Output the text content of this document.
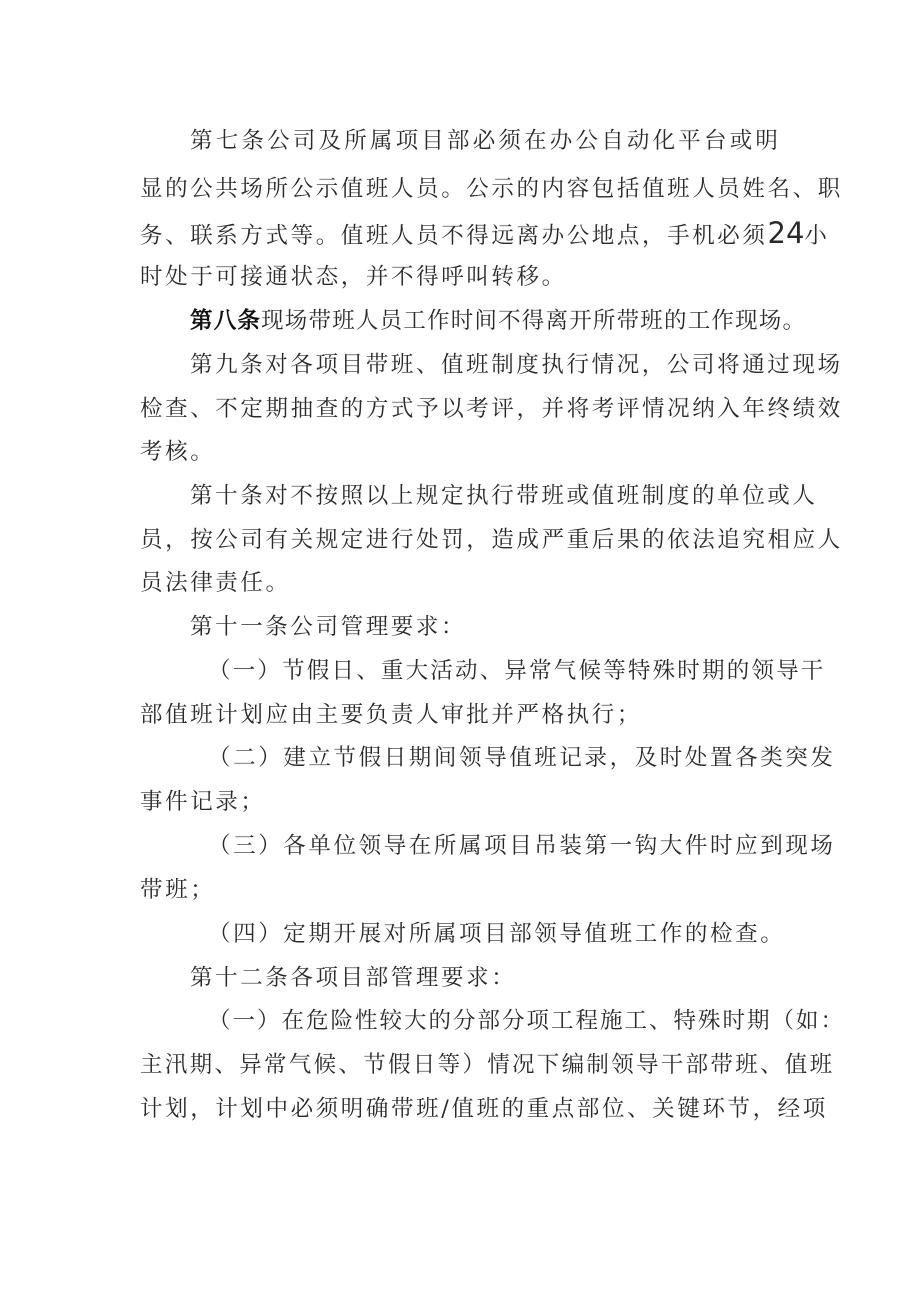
第七条公司及所属项目部必须在办公自动化平台或明
显的公共场所公示值班人员。公示的内容包括值班人员姓名、职
务、联系方式等。值班人员不得远离办公地点，手机必须24小
时处于可接通状态，并不得呼叫转移。
第八条现场带班人员工作时间不得离开所带班的工作现场。
第九条对各项目带班、值班制度执行情况，公司将通过现场
检查、不定期抽查的方式予以考评，并将考评情况纳入年终绩效
考核。
第十条对不按照以上规定执行带班或值班制度的单位或人
员，按公司有关规定进行处罚，造成严重后果的依法追究相应人
员法律责任。
第十一条公司管理要求：
（一）节假日、重大活动、异常气候等特殊时期的领导干
部值班计划应由主要负责人审批并严格执行；
（二）建立节假日期间领导值班记录，及时处置各类突发
事件记录；
（三）各单位领导在所属项目吊装第一钩大件时应到现场
带班；
（四）定期开展对所属项目部领导值班工作的检查。
第十二条各项目部管理要求：
（一）在危险性较大的分部分项工程施工、特殊时期（如：
主汛期、异常气候、节假日等）情况下编制领导干部带班、值班
计划，计划中必须明确带班/值班的重点部位、关键环节，经项
